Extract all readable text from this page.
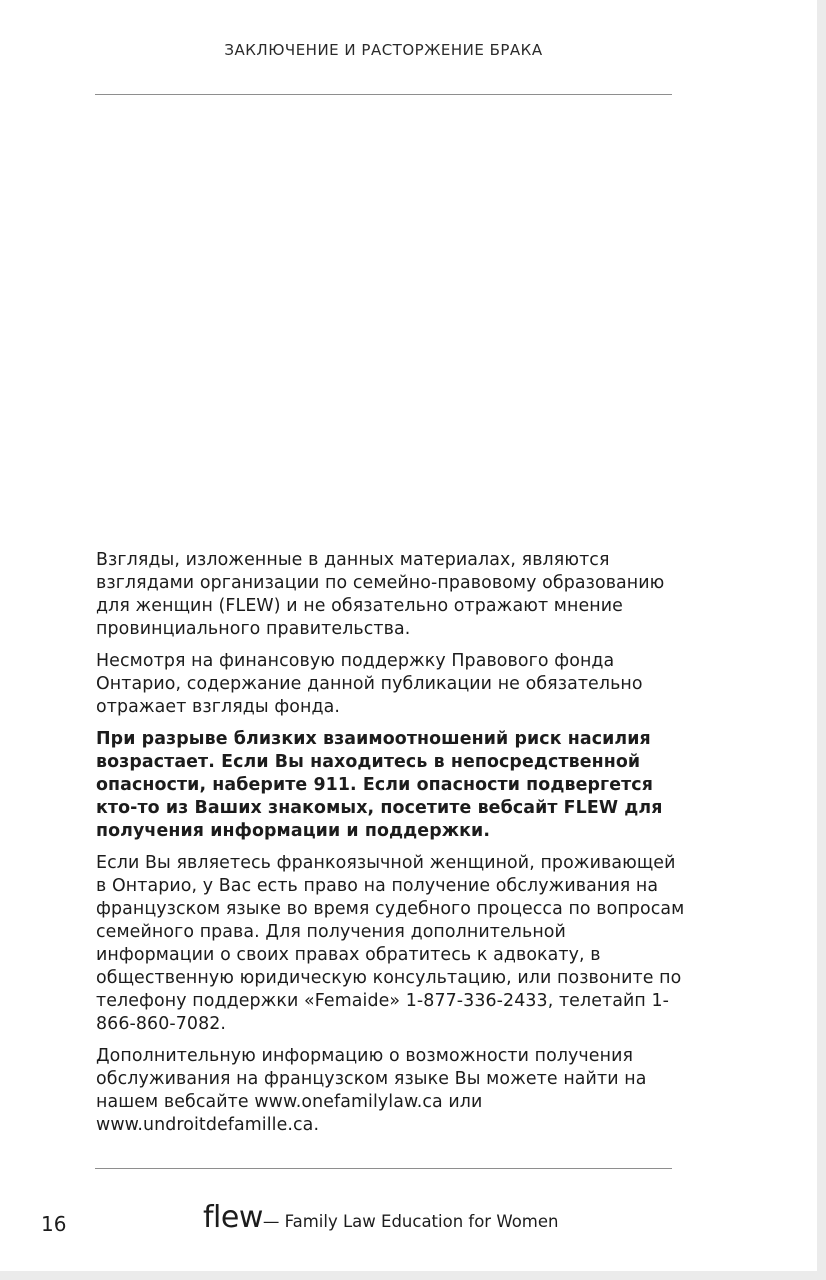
ЗАКЛЮЧЕНИЕ И РАСТОРЖЕНИЕ БРАКА

Взгляды, изложенные в данных материалах, являются взглядами организации по семейно-правовому образованию для женщин (FLEW) и не обязательно отражают мнение провинциального правительства.

Несмотря на финансовую поддержку Правового фонда Онтарио, содержание данной публикации не обязательно отражает взгляды фонда.

При разрыве близких взаимоотношений риск насилия возрастает. Если Вы находитесь в непосредственной опасности, наберите 911. Если опасности подвергется кто-то из Ваших знакомых, посетите вебсайт FLEW для получения информации и поддержки.

Если Вы являетесь франкоязычной женщиной, проживающей в Онтарио, у Вас есть право на получение обслуживания на французском языке во время судебного процесса по вопросам семейного права. Для получения дополнительной информации о своих правах обратитесь к адвокату, в общественную юридическую консультацию, или позвоните по телефону поддержки «Femaide» 1-877-336-2433, телетайп 1-866-860-7082.

Дополнительную информацию о возможности получения обслуживания на французском языке Вы можете найти на нашем вебсайте www.onefamilylaw.ca или www.undroitdefamille.ca.

16	flew— Family Law Education for Women
